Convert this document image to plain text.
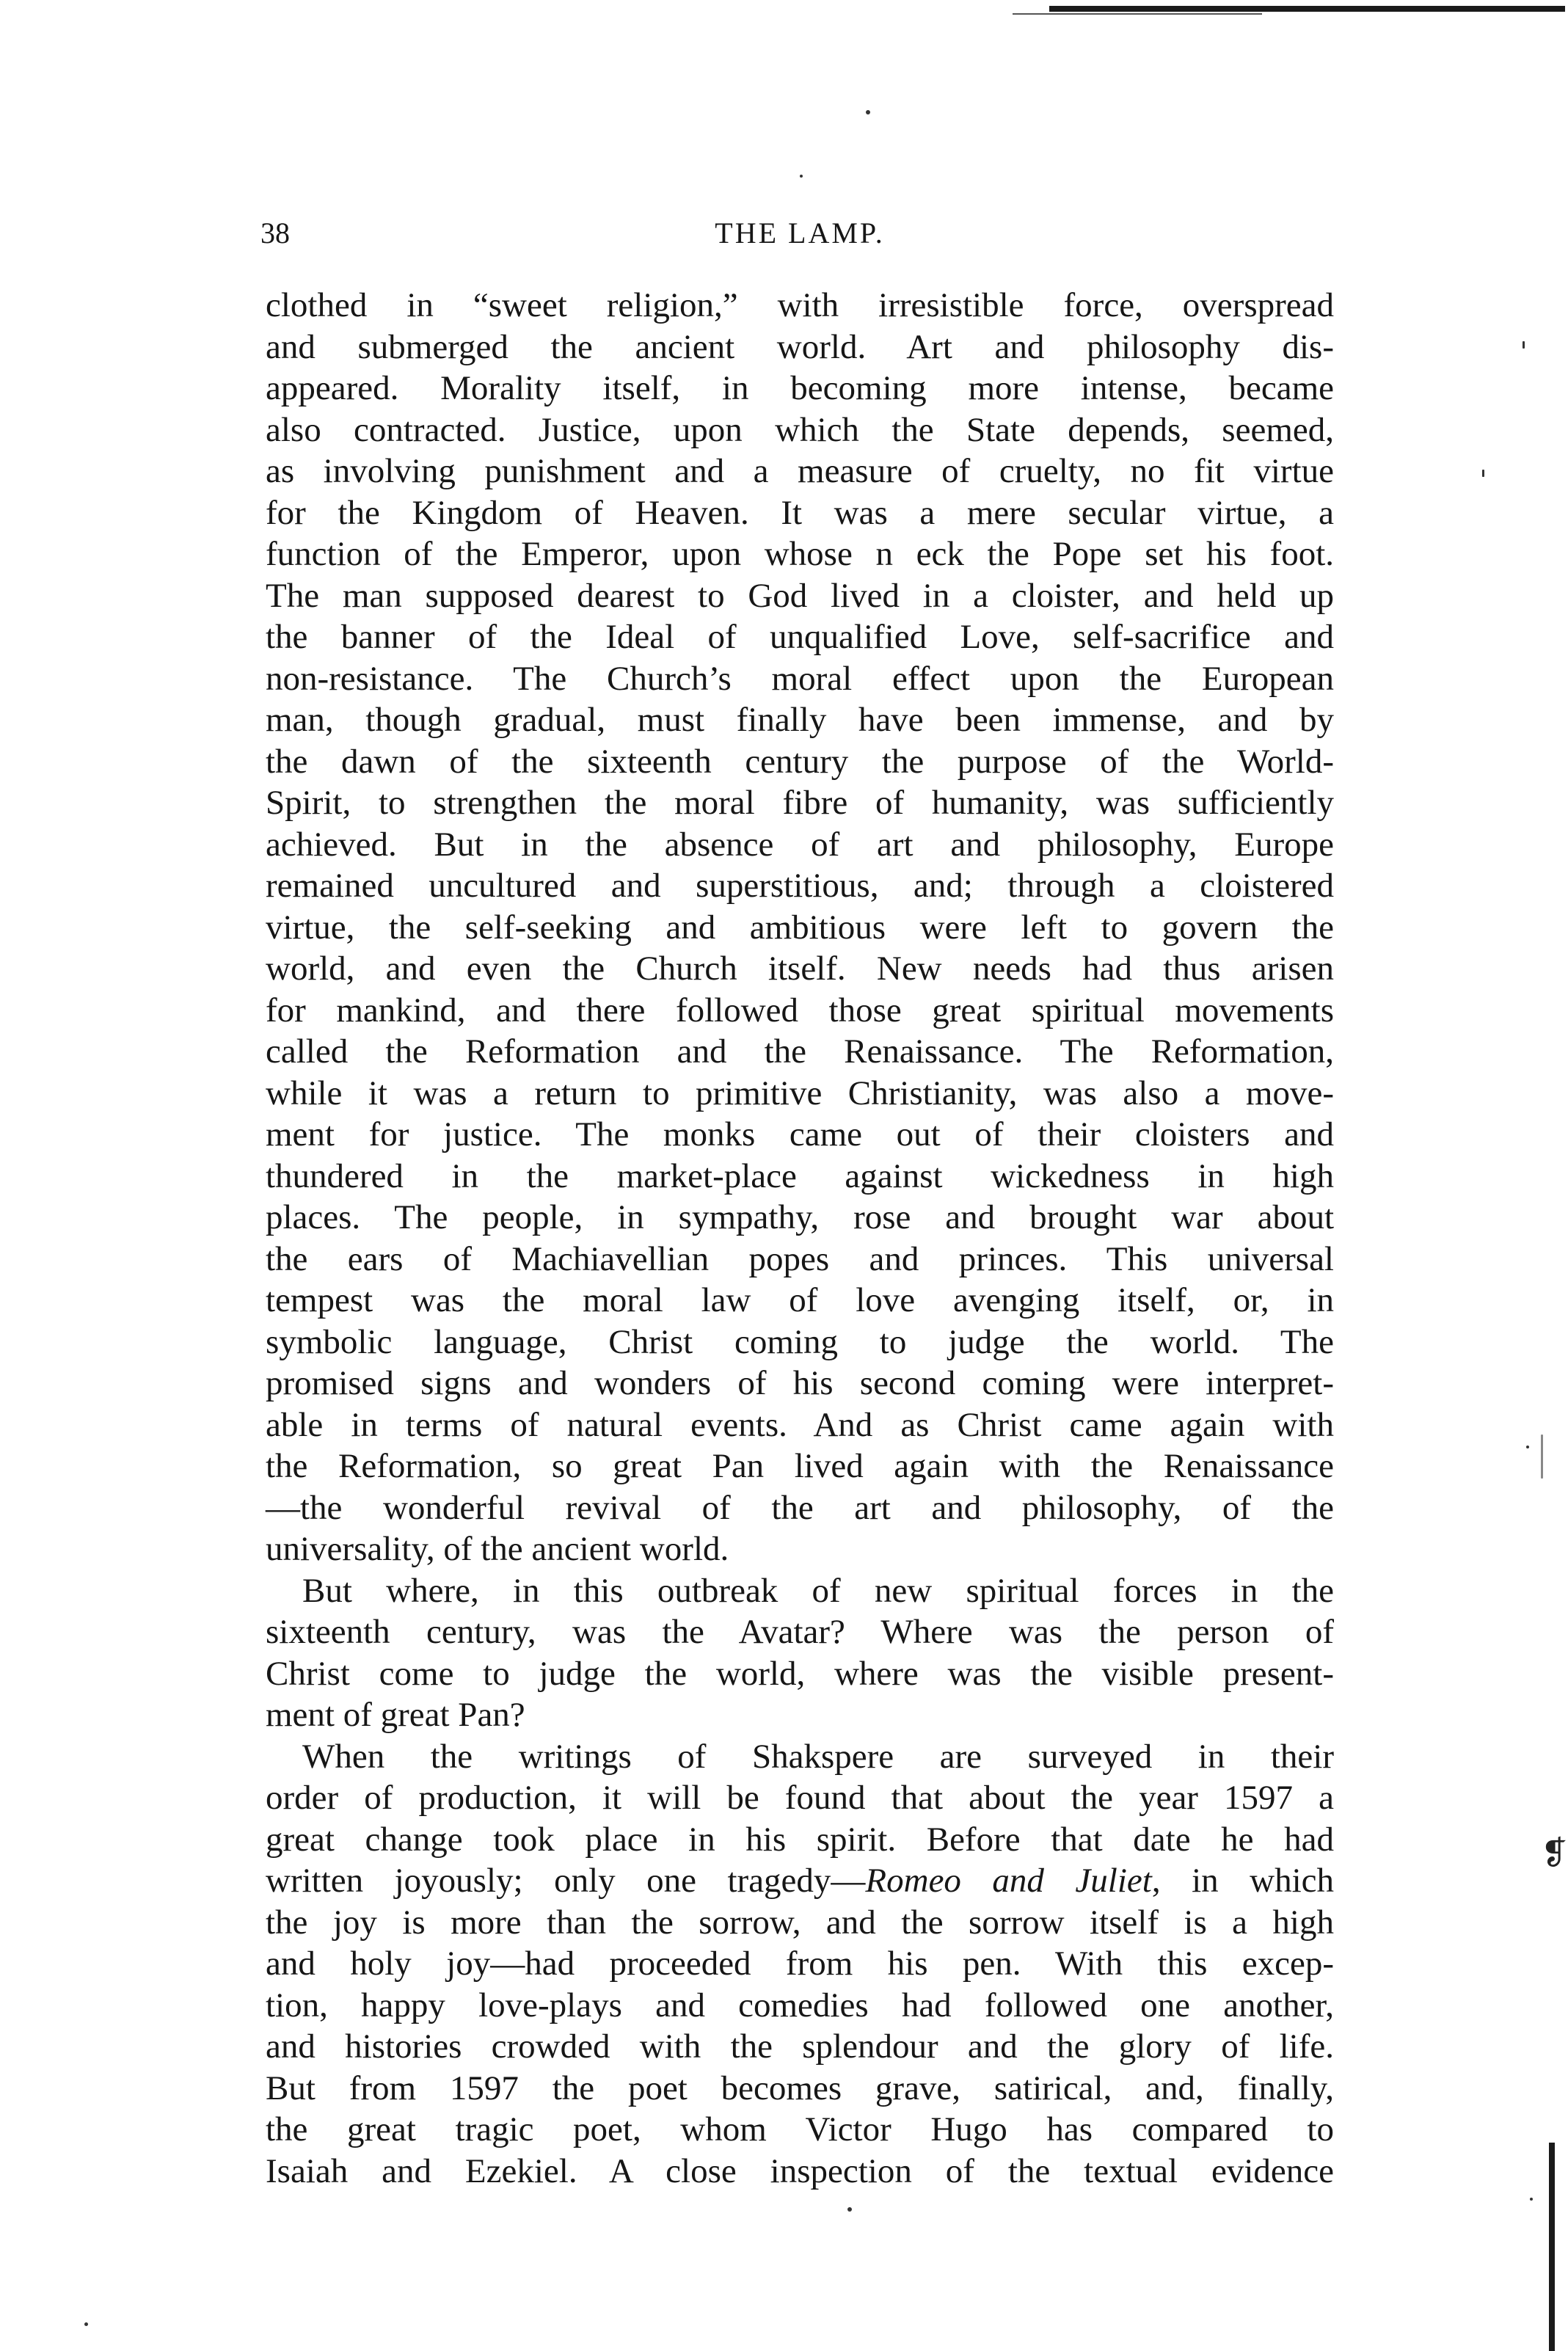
❡
38	THE LAMP.
clothed in “sweet religion,” with irresistible force, overspread
and submerged the ancient world. Art and philosophy dis-
appeared. Morality itself, in becoming more intense, became
also contracted. Justice, upon which the State depends, seemed,
as involving punishment and a measure of cruelty, no fit virtue
for the Kingdom of Heaven. It was a mere secular virtue, a
function of the Emperor, upon whose n eck the Pope set his foot.
The man supposed dearest to God lived in a cloister, and held up
the banner of the Ideal of unqualified Love, self-sacrifice and
non-resistance. The Church’s moral effect upon the European
man, though gradual, must finally have been immense, and by
the dawn of the sixteenth century the purpose of the World-
Spirit, to strengthen the moral fibre of humanity, was sufficiently
achieved. But in the absence of art and philosophy, Europe
remained uncultured and superstitious, and; through a cloistered
virtue, the self-seeking and ambitious were left to govern the
world, and even the Church itself. New needs had thus arisen
for mankind, and there followed those great spiritual movements
called the Reformation and the Renaissance. The Reformation,
while it was a return to primitive Christianity, was also a move-
ment for justice. The monks came out of their cloisters and
thundered in the market-place against wickedness in high
places. The people, in sympathy, rose and brought war about
the ears of Machiavellian popes and princes. This universal
tempest was the moral law of love avenging itself, or, in
symbolic language, Christ coming to judge the world. The
promised signs and wonders of his second coming were interpret-
able in terms of natural events. And as Christ came again with
the Reformation, so great Pan lived again with the Renaissance
—the wonderful revival of the art and philosophy, of the
universality, of the ancient world.
But where, in this outbreak of new spiritual forces in the
sixteenth century, was the Avatar? Where was the person of
Christ come to judge the world, where was the visible present-
ment of great Pan?
When the writings of Shakspere are surveyed in their
order of production, it will be found that about the year 1597 a
great change took place in his spirit. Before that date he had
written joyously; only one tragedy—Romeo and Juliet, in which
the joy is more than the sorrow, and the sorrow itself is a high
and holy joy—had proceeded from his pen. With this excep-
tion, happy love-plays and comedies had followed one another,
and histories crowded with the splendour and the glory of life.
But from 1597 the poet becomes grave, satirical, and, finally,
the great tragic poet, whom Victor Hugo has compared to
Isaiah and Ezekiel. A close inspection of the textual evidence
